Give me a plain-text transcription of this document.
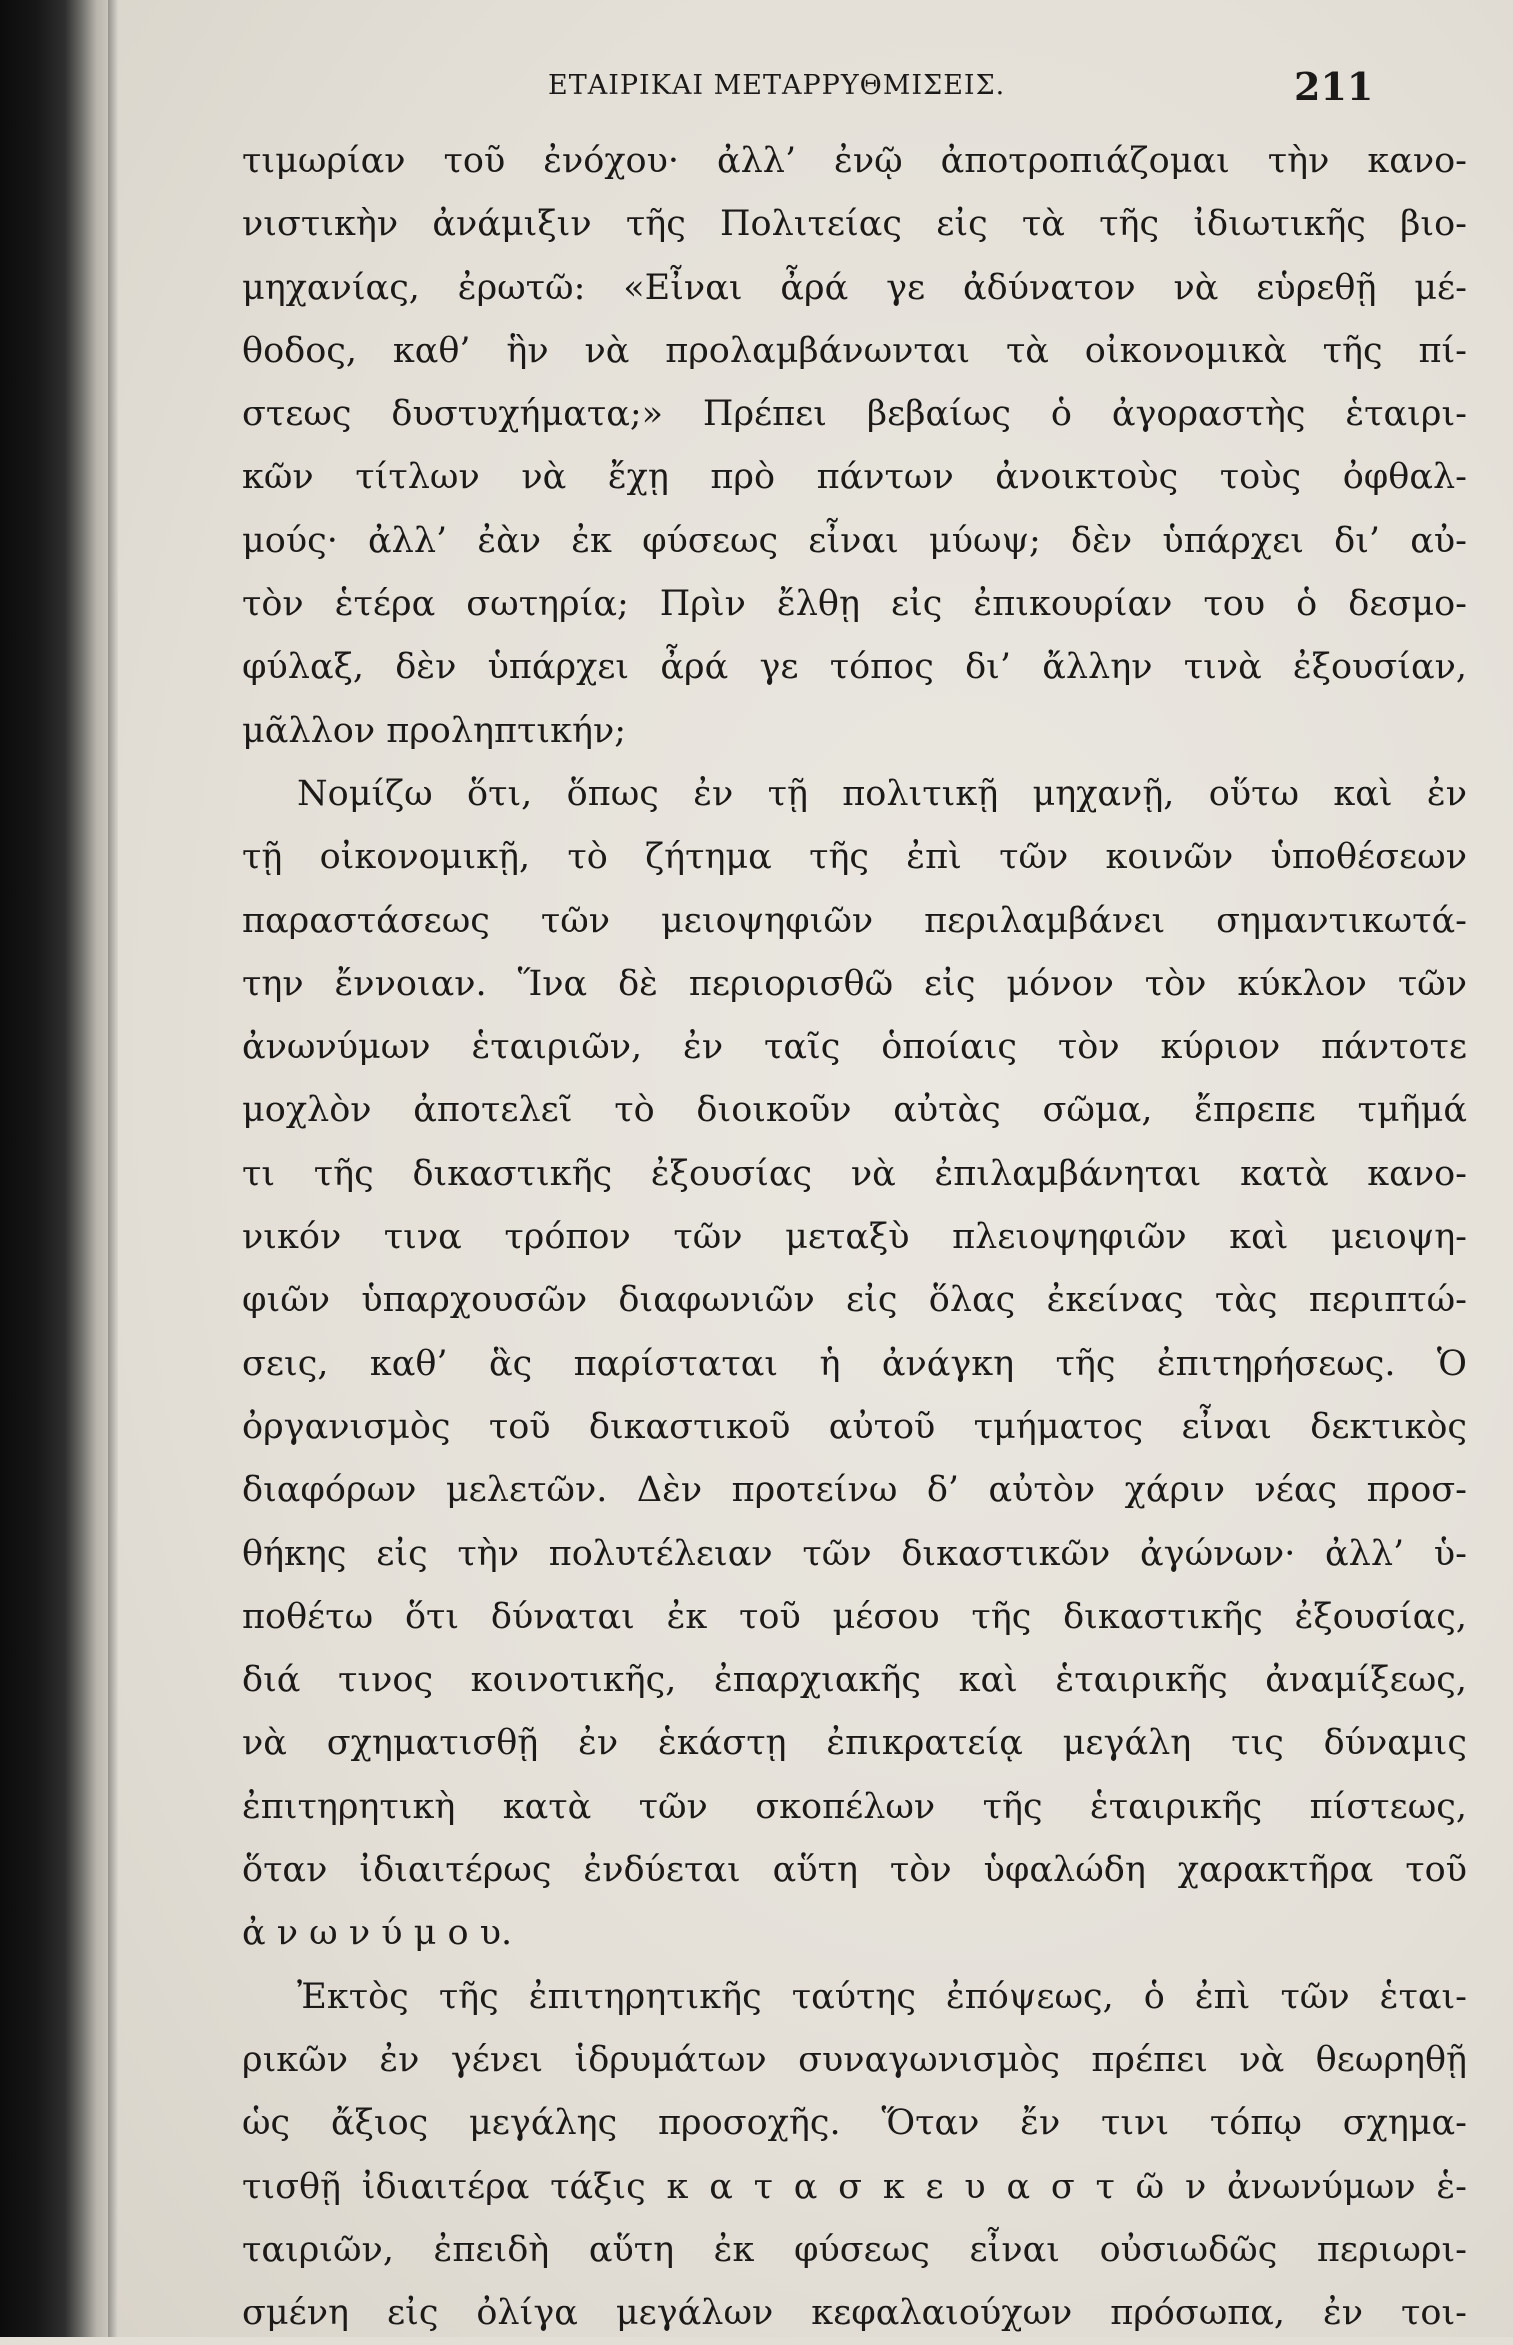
ΕΤΑΙΡΙΚΑΙ ΜΕΤΑΡΡΥΘΜΙΣΕΙΣ.	211
τιμωρίαν τοῦ ἐνόχου· ἀλλ’ ἐνῷ ἀποτροπιάζομαι τὴν κανο-
νιστικὴν ἀνάμιξιν τῆς Πολιτείας εἰς τὰ τῆς ἰδιωτικῆς βιο-
μηχανίας, ἐρωτῶ: «Εἶναι ἆρά γε ἀδύνατον νὰ εὑρεθῇ μέ-
θοδος, καθ’ ἣν νὰ προλαμβάνωνται τὰ οἰκονομικὰ τῆς πί-
στεως δυστυχήματα;» Πρέπει βεβαίως ὁ ἀγοραστὴς ἑταιρι-
κῶν τίτλων νὰ ἔχῃ πρὸ πάντων ἀνοικτοὺς τοὺς ὀφθαλ-
μούς· ἀλλ’ ἐὰν ἐκ φύσεως εἶναι μύωψ; δὲν ὑπάρχει δι’ αὐ-
τὸν ἑτέρα σωτηρία; Πρὶν ἔλθῃ εἰς ἐπικουρίαν του ὁ δεσμο-
φύλαξ, δὲν ὑπάρχει ἆρά γε τόπος δι’ ἄλλην τινὰ ἐξουσίαν,
μᾶλλον προληπτικήν;
Νομίζω ὅτι, ὅπως ἐν τῇ πολιτικῇ μηχανῇ, οὕτω καὶ ἐν
τῇ οἰκονομικῇ, τὸ ζήτημα τῆς ἐπὶ τῶν κοινῶν ὑποθέσεων
παραστάσεως τῶν μειοψηφιῶν περιλαμβάνει σημαντικωτά-
την ἔννοιαν. Ἵνα δὲ περιορισθῶ εἰς μόνον τὸν κύκλον τῶν
ἀνωνύμων ἑταιριῶν, ἐν ταῖς ὁποίαις τὸν κύριον πάντοτε
μοχλὸν ἀποτελεῖ τὸ διοικοῦν αὐτὰς σῶμα, ἔπρεπε τμῆμά
τι τῆς δικαστικῆς ἐξουσίας νὰ ἐπιλαμβάνηται κατὰ κανο-
νικόν τινα τρόπον τῶν μεταξὺ πλειοψηφιῶν καὶ μειοψη-
φιῶν ὑπαρχουσῶν διαφωνιῶν εἰς ὅλας ἐκείνας τὰς περιπτώ-
σεις, καθ’ ἃς παρίσταται ἡ ἀνάγκη τῆς ἐπιτηρήσεως. Ὁ
ὀργανισμὸς τοῦ δικαστικοῦ αὐτοῦ τμήματος εἶναι δεκτικὸς
διαφόρων μελετῶν. Δὲν προτείνω δ’ αὐτὸν χάριν νέας προσ-
θήκης εἰς τὴν πολυτέλειαν τῶν δικαστικῶν ἀγώνων· ἀλλ’ ὑ-
ποθέτω ὅτι δύναται ἐκ τοῦ μέσου τῆς δικαστικῆς ἐξουσίας,
διά τινος κοινοτικῆς, ἐπαρχιακῆς καὶ ἑταιρικῆς ἀναμίξεως,
νὰ σχηματισθῇ ἐν ἑκάστῃ ἐπικρατείᾳ μεγάλη τις δύναμις
ἐπιτηρητικὴ κατὰ τῶν σκοπέλων τῆς ἑταιρικῆς πίστεως,
ὅταν ἰδιαιτέρως ἐνδύεται αὕτη τὸν ὑφαλώδη χαρακτῆρα τοῦ
ἀ ν ω ν ύ μ ο υ.
Ἐκτὸς τῆς ἐπιτηρητικῆς ταύτης ἐπόψεως, ὁ ἐπὶ τῶν ἑται-
ρικῶν ἐν γένει ἱδρυμάτων συναγωνισμὸς πρέπει νὰ θεωρηθῇ
ὡς ἄξιος μεγάλης προσοχῆς. Ὅταν ἔν τινι τόπῳ σχημα-
τισθῇ ἰδιαιτέρα τάξις κ α τ α σ κ ε υ α σ τ ῶ ν ἀνωνύμων ἑ-
ταιριῶν, ἐπειδὴ αὕτη ἐκ φύσεως εἶναι οὐσιωδῶς περιωρι-
σμένη εἰς ὀλίγα μεγάλων κεφαλαιούχων πρόσωπα, ἐν τοι-
